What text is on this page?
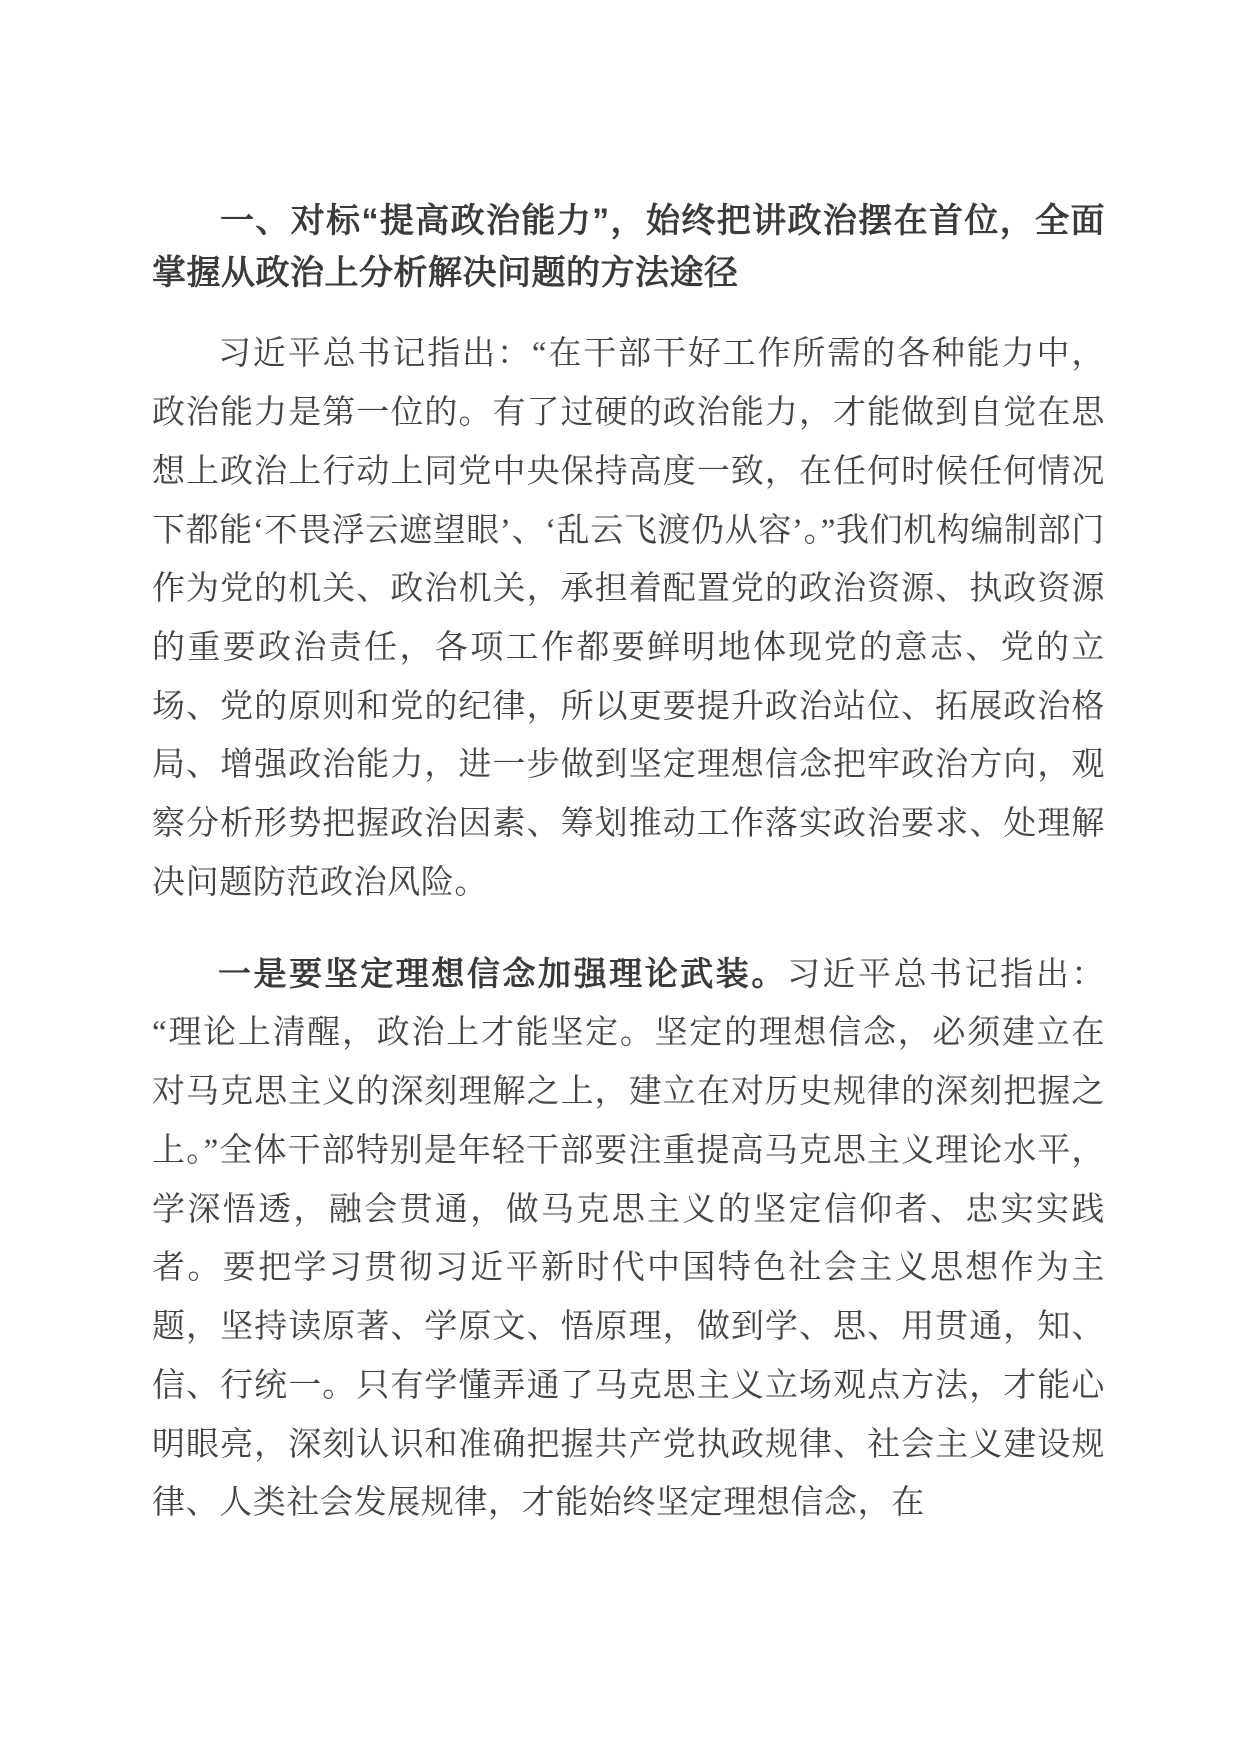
一、对标“提高政治能力”，始终把讲政治摆在首位，全面掌握从政治上分析解决问题的方法途径

习近平总书记指出：“在干部干好工作所需的各种能力中，政治能力是第一位的。有了过硬的政治能力，才能做到自觉在思想上政治上行动上同党中央保持高度一致，在任何时候任何情况下都能‘不畏浮云遮望眼’、‘乱云飞渡仍从容’。”我们机构编制部门作为党的机关、政治机关，承担着配置党的政治资源、执政资源的重要政治责任，各项工作都要鲜明地体现党的意志、党的立场、党的原则和党的纪律，所以更要提升政治站位、拓展政治格局、增强政治能力，进一步做到坚定理想信念把牢政治方向，观察分析形势把握政治因素、筹划推动工作落实政治要求、处理解决问题防范政治风险。

一是要坚定理想信念加强理论武装。习近平总书记指出：“理论上清醒，政治上才能坚定。坚定的理想信念，必须建立在对马克思主义的深刻理解之上，建立在对历史规律的深刻把握之上。”全体干部特别是年轻干部要注重提高马克思主义理论水平，学深悟透，融会贯通，做马克思主义的坚定信仰者、忠实实践者。要把学习贯彻习近平新时代中国特色社会主义思想作为主题，坚持读原著、学原文、悟原理，做到学、思、用贯通，知、信、行统一。只有学懂弄通了马克思主义立场观点方法，才能心明眼亮，深刻认识和准确把握共产党执政规律、社会主义建设规律、人类社会发展规律，才能始终坚定理想信念，在
